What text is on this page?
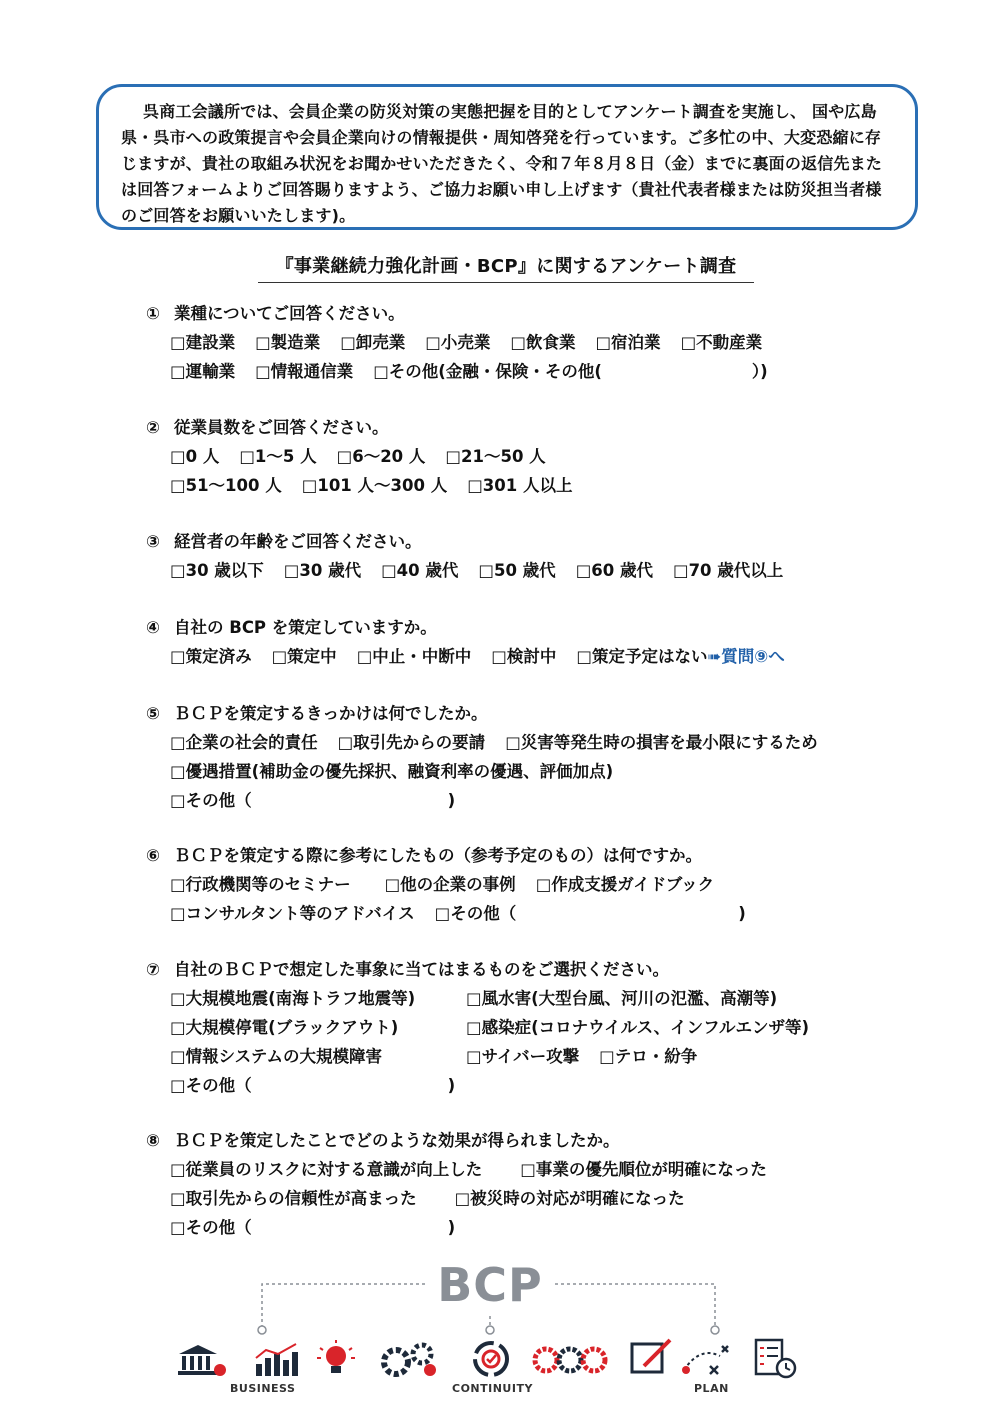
呉商工会議所では、会員企業の防災対策の実態把握を目的としてアンケート調査を実施し、 国や広島県・呉市への政策提言や会員企業向けの情報提供・周知啓発を行っています。ご多忙の中、大変恐縮に存じますが、貴社の取組み状況をお聞かせいただきたく、令和７年８月８日（金）までに裏面の返信先または回答フォームよりご回答賜りますよう、ご協力お願い申し上げます（貴社代表者様または防災担当者様のご回答をお願いいたします)。
『事業継続力強化計画・BCP』に関するアンケート調査
① 業種についてご回答ください。
□建設業 □製造業 □卸売業 □小売業 □飲食業 □宿泊業 □不動産業
□運輸業 □情報通信業 □その他(金融・保険・その他(	）)
② 従業員数をご回答ください。
□0 人 □1～5 人 □6～20 人 □21～50 人
□51～100 人 □101 人～300 人 □301 人以上
③ 経営者の年齢をご回答ください。
□30 歳以下 □30 歳代 □40 歳代 □50 歳代 □60 歳代 □70 歳代以上
④ 自社の BCP を策定していますか。
□策定済み □策定中 □中止・中断中 □検討中 □策定予定はない➠質問⑨へ
⑤ ＢＣＰを策定するきっかけは何でしたか。
□企業の社会的責任 □取引先からの要請 □災害等発生時の損害を最小限にするため
□優遇措置(補助金の優先採択、融資利率の優遇、評価加点)
□その他（	)
⑥ ＢＣＰを策定する際に参考にしたもの（参考予定のもの）は何ですか。
□行政機関等のセミナー □他の企業の事例 □作成支援ガイドブック
□コンサルタント等のアドバイス □その他（	)
⑦ 自社のＢＣＰで想定した事象に当てはまるものをご選択ください。
□大規模地震(南海トラフ地震等)	□風水害(大型台風、河川の氾濫、高潮等)
□大規模停電(ブラックアウト)	□感染症(コロナウイルス、インフルエンザ等)
□情報システムの大規模障害	□サイバー攻撃 □テロ・紛争
□その他（	)
⑧ ＢＣＰを策定したことでどのような効果が得られましたか。
□従業員のリスクに対する意識が向上した □事業の優先順位が明確になった
□取引先からの信頼性が高まった □被災時の対応が明確になった
□その他（	)
BCP
BUSINESS	CONTINUITY	PLAN
